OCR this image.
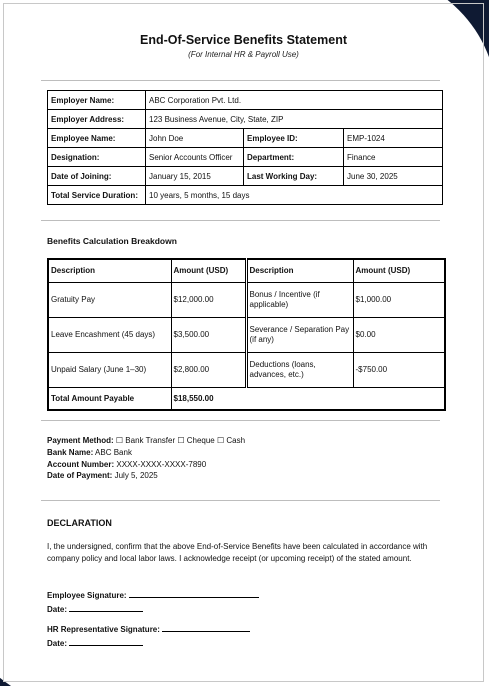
End-Of-Service Benefits Statement
(For Internal HR & Payroll Use)
Employer Name:	ABC Corporation Pvt. Ltd.		
Employer Address:	123 Business Avenue, City, State, ZIP		
Employee Name:	John Doe	Employee ID:	EMP-1024
Designation:	Senior Accounts Officer	Department:	Finance
Date of Joining:	January 15, 2015	Last Working Day:	June 30, 2025
Total Service Duration:	10 years, 5 months, 15 days		
Benefits Calculation Breakdown
Description	Amount (USD)	Description	Amount (USD)
Gratuity Pay	$12,000.00	Bonus / Incentive (if applicable)	$1,000.00
Leave Encashment (45 days)	$3,500.00	Severance / Separation Pay (if any)	$0.00
Unpaid Salary (June 1–30)	$2,800.00	Deductions (loans, advances, etc.)	-$750.00
Total Amount Payable	$18,550.00		
Payment Method: ☐ Bank Transfer ☐ Cheque ☐ Cash
Bank Name: ABC Bank
Account Number: XXXX-XXXX-XXXX-7890
Date of Payment: July 5, 2025
DECLARATION
I, the undersigned, confirm that the above End-of-Service Benefits have been calculated in accordance with company policy and local labor laws. I acknowledge receipt (or upcoming receipt) of the stated amount.
Employee Signature:
Date:
HR Representative Signature:
Date:
